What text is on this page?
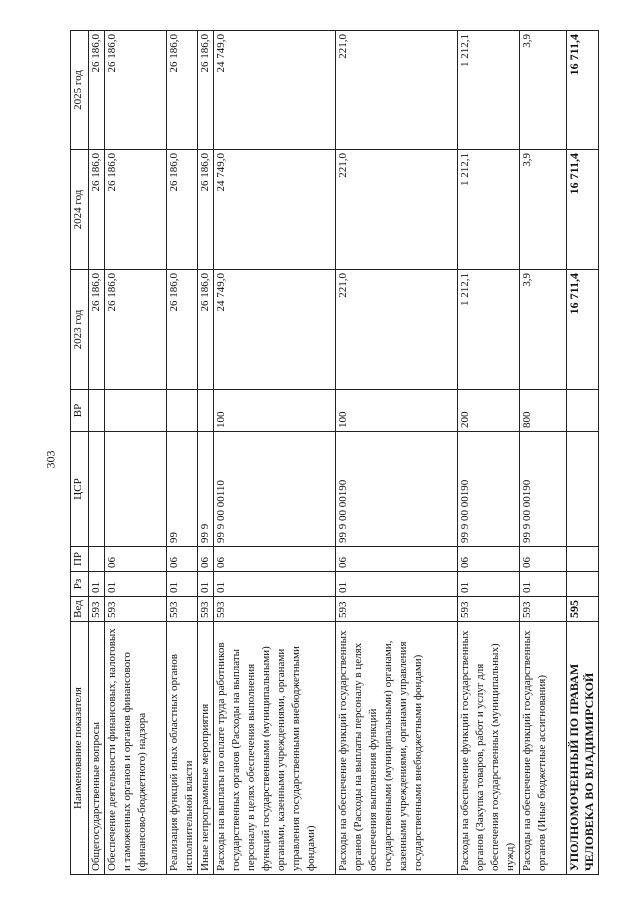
303
Наименование показателя	Вед	Рз	ПР	ЦСР	ВР	2023 год	2024 год	2025 год
Общегосударственные вопросы	593	01				26 186,0	26 186,0	26 186,0
Обеспечение деятельности финансовых, налоговых и таможенных органов и органов финансового (финансово-бюджетного) надзора	593	01	06			26 186,0	26 186,0	26 186,0
Реализация функций иных областных органов исполнительной власти	593	01	06	99		26 186,0	26 186,0	26 186,0
Иные непрограммные мероприятия	593	01	06	99 9		26 186,0	26 186,0	26 186,0
Расходы на выплаты по оплате труда работников государственных органов (Расходы на выплаты персоналу в целях обеспечения выполнения функций государственными (муниципальными) органами, казенными учреждениями, органами управления государственными внебюджетными фондами)	593	01	06	99 9 00 00110	100	24 749,0	24 749,0	24 749,0
Расходы на обеспечение функций государственных органов (Расходы на выплаты персоналу в целях обеспечения выполнения функций государственными (муниципальными) органами, казенными учреждениями, органами управления государственными внебюджетными фондами)	593	01	06	99 9 00 00190	100	221,0	221,0	221,0
Расходы на обеспечение функций государственных органов (Закупка товаров, работ и услуг для обеспечения государственных (муниципальных) нужд)	593	01	06	99 9 00 00190	200	1 212,1	1 212,1	1 212,1
Расходы на обеспечение функций государственных органов (Иные бюджетные ассигнования)	593	01	06	99 9 00 00190	800	3,9	3,9	3,9
УПОЛНОМОЧЕННЫЙ ПО ПРАВАМ ЧЕЛОВЕКА ВО ВЛАДИМИРСКОЙ	595					16 711,4	16 711,4	16 711,4
